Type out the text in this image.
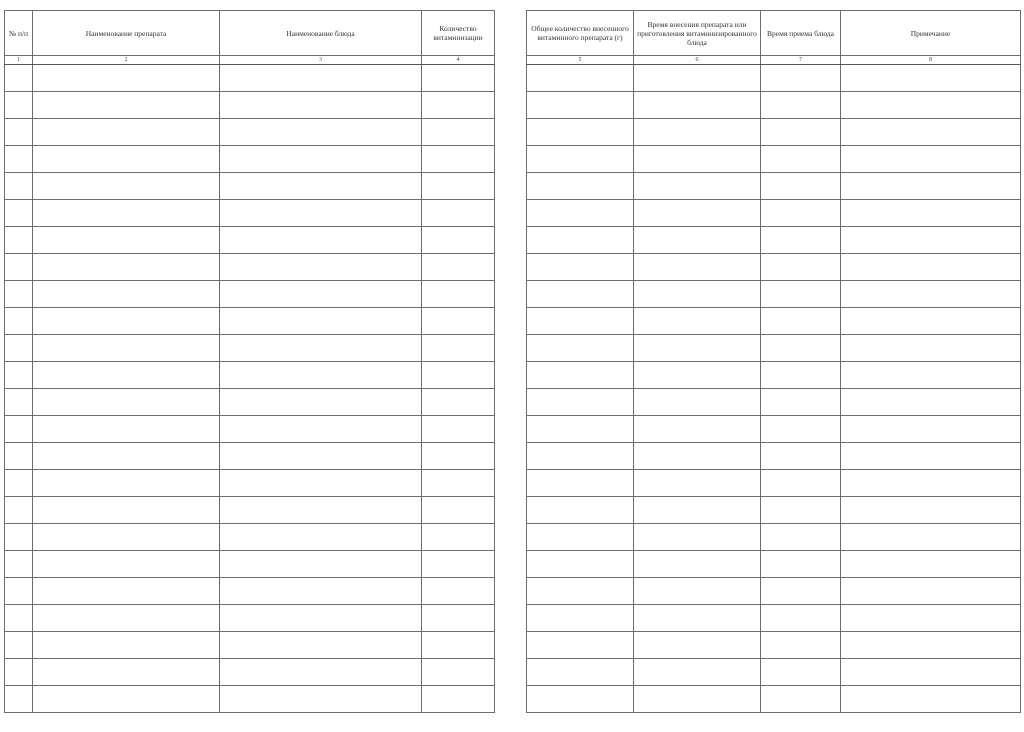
№ п/п	Наименование препарата	Наименование блюда	Количество витаминизации
1	2	3	4

Общее количество внесенного витаминного препарата (г)	Время внесения препарата или приготовления витаминизированного блюда	Время приема блюда	Примечание
5	6	7	8
